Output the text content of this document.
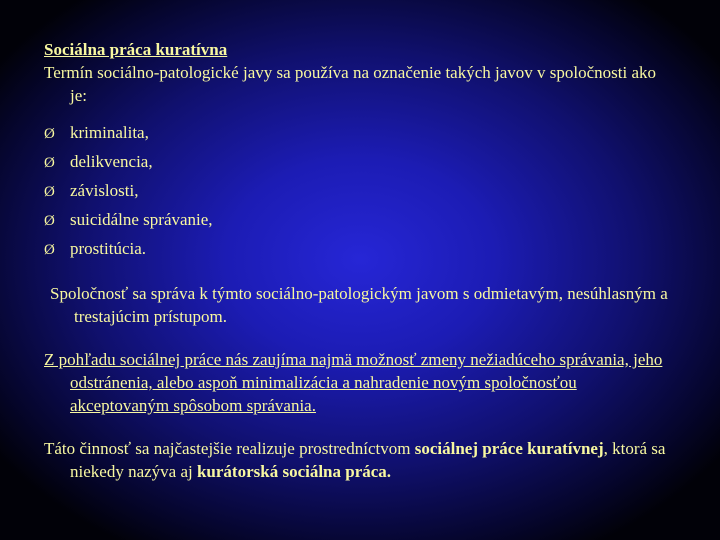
Sociálna práca kuratívna
Termín sociálno-patologické javy sa používa na označenie takých javov v spoločnosti ako je:
Ø kriminalita,
Ø delikvencia,
Ø závislosti,
Ø suicidálne správanie,
Ø prostitúcia.
Spoločnosť sa správa k týmto sociálno-patologickým javom s odmietavým, nesúhlasným a trestajúcim prístupom.
Z pohľadu sociálnej práce nás zaujíma najmä možnosť zmeny nežiadúceho správania, jeho odstránenia, alebo aspoň minimalizácia a nahradenie novým spoločnosťou akceptovaným spôsobom správania.
Táto činnosť sa najčastejšie realizuje prostredníctvom sociálnej práce kuratívnej, ktorá sa niekedy nazýva aj kurátorská sociálna práca.
